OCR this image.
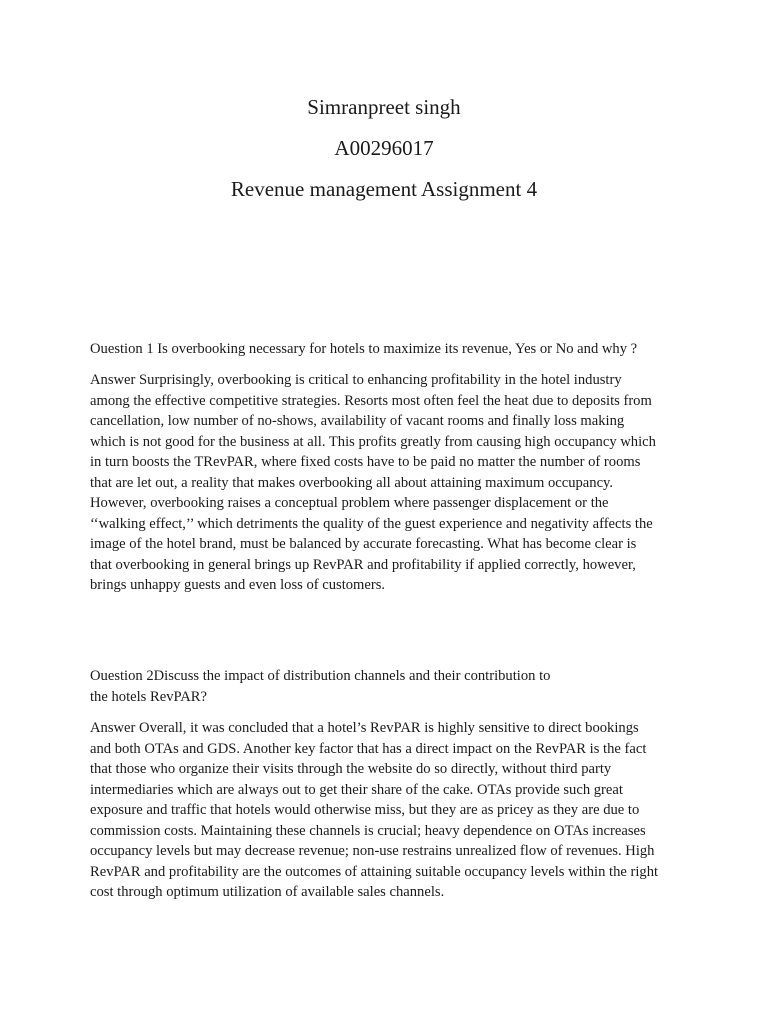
Simranpreet singh
A00296017
Revenue management Assignment 4
Ouestion 1 Is overbooking necessary for hotels to maximize its revenue, Yes or No and why ?
Answer Surprisingly, overbooking is critical to enhancing profitability in the hotel industry
among the effective competitive strategies. Resorts most often feel the heat due to deposits from
cancellation, low number of no-shows, availability of vacant rooms and finally loss making
which is not good for the business at all. This profits greatly from causing high occupancy which
in turn boosts the TRevPAR, where fixed costs have to be paid no matter the number of rooms
that are let out, a reality that makes overbooking all about attaining maximum occupancy.
However, overbooking raises a conceptual problem where passenger displacement or the
‘‘walking effect,’’ which detriments the quality of the guest experience and negativity affects the
image of the hotel brand, must be balanced by accurate forecasting. What has become clear is
that overbooking in general brings up RevPAR and profitability if applied correctly, however,
brings unhappy guests and even loss of customers.
Ouestion 2Discuss the impact of distribution channels and their contribution to
the hotels RevPAR?
Answer Overall, it was concluded that a hotel’s RevPAR is highly sensitive to direct bookings
and both OTAs and GDS. Another key factor that has a direct impact on the RevPAR is the fact
that those who organize their visits through the website do so directly, without third party
intermediaries which are always out to get their share of the cake. OTAs provide such great
exposure and traffic that hotels would otherwise miss, but they are as pricey as they are due to
commission costs. Maintaining these channels is crucial; heavy dependence on OTAs increases
occupancy levels but may decrease revenue; non-use restrains unrealized flow of revenues. High
RevPAR and profitability are the outcomes of attaining suitable occupancy levels within the right
cost through optimum utilization of available sales channels.
